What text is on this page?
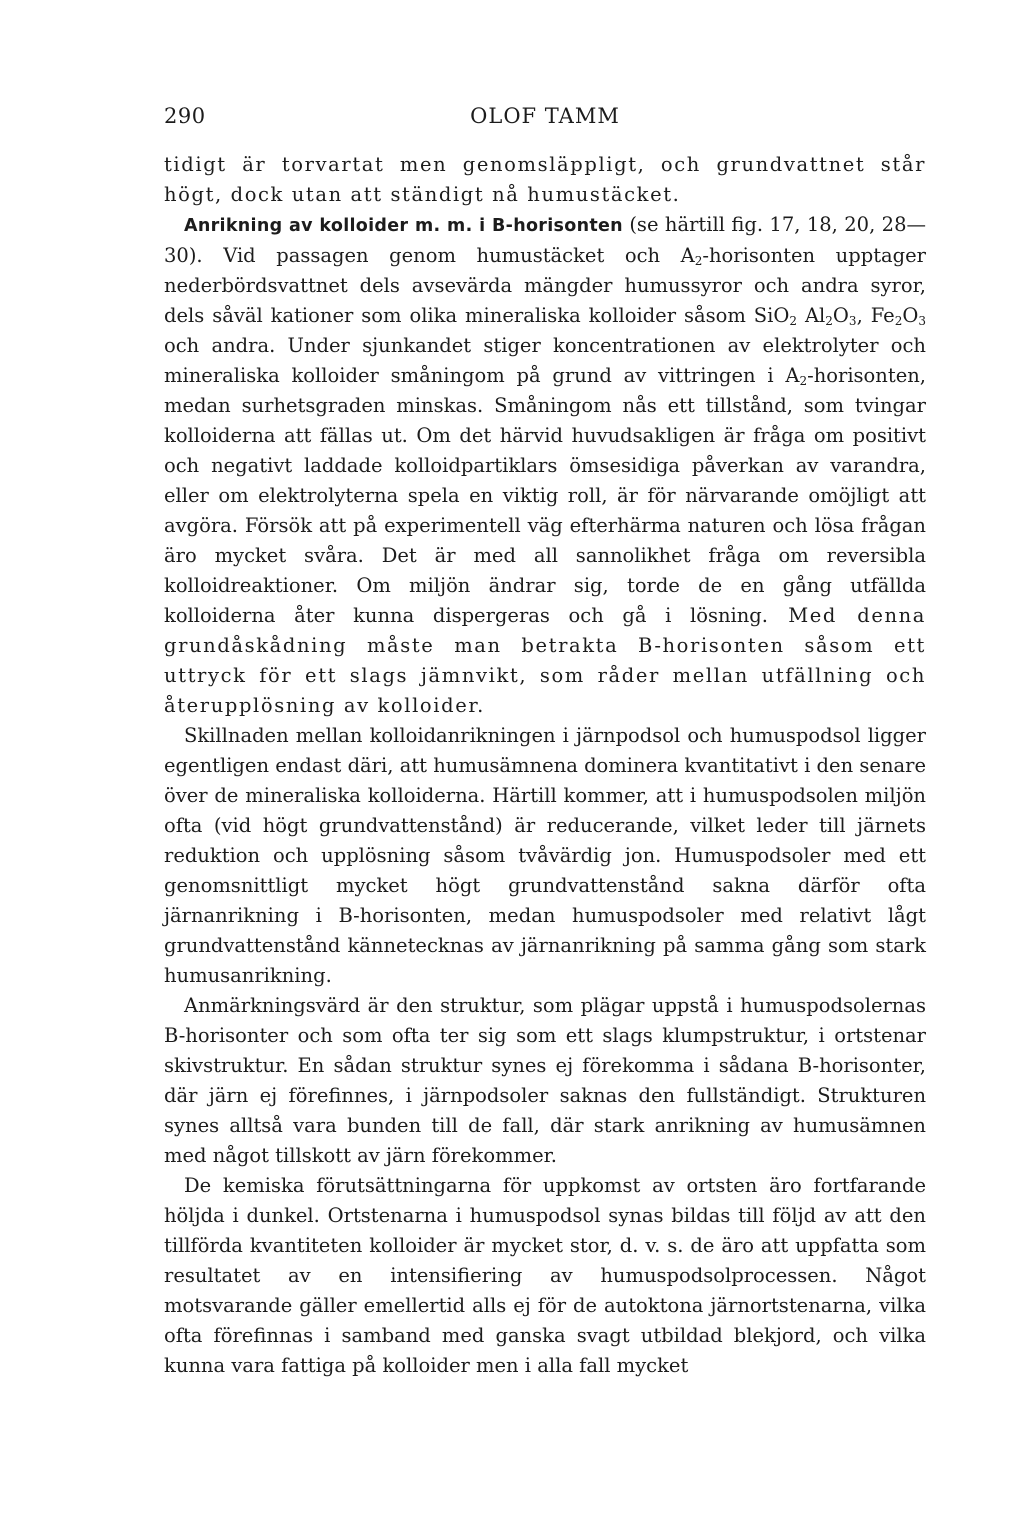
290	OLOF TAMM

tidigt är torvartat men genomsläppligt, och grundvattnet står högt, dock utan att ständigt nå humustäcket.

Anrikning av kolloider m. m. i B-horisonten (se härtill fig. 17, 18, 20, 28—30). Vid passagen genom humustäcket och $A_2$-horisonten upptager nederbördsvattnet dels avsevärda mängder humussyror och andra syror, dels såväl kationer som olika mineraliska kolloider såsom SiO$_2$ $Al_2O_3$, $Fe_2O_3$ och andra. Under sjunkandet stiger koncentrationen av elektrolyter och mineraliska kolloider småningom på grund av vittringen i $A_2$-horisonten, medan surhetsgraden minskas. Småningom nås ett tillstånd, som tvingar kolloiderna att fällas ut. Om det härvid huvudsakligen är fråga om positivt och negativt laddade kolloidpartiklars ömsesidiga påverkan av varandra, eller om elektrolyterna spela en viktig roll, är för närvarande omöjligt att avgöra. Försök att på experimentell väg efterhärma naturen och lösa frågan äro mycket svåra. Det är med all sannolikhet fråga om reversibla kolloidreaktioner. Om miljön ändrar sig, torde de en gång utfällda kolloiderna åter kunna dispergeras och gå i lösning. Med denna grundåskådning måste man betrakta B-horisonten såsom ett uttryck för ett slags jämnvikt, som råder mellan utfällning och återupplösning av kolloider.

Skillnaden mellan kolloidanrikningen i järnpodsol och humuspodsol ligger egentligen endast däri, att humusämnena dominera kvantitativt i den senare över de mineraliska kolloiderna. Härtill kommer, att i humuspodsolen miljön ofta (vid högt grundvattenstånd) är reducerande, vilket leder till järnets reduktion och upplösning såsom tvåvärdig jon. Humuspodsoler med ett genomsnittligt mycket högt grundvattenstånd sakna därför ofta järnanrikning i B-horisonten, medan humuspodsoler med relativt lågt grundvattenstånd kännetecknas av järnanrikning på samma gång som stark humusanrikning.

Anmärkningsvärd är den struktur, som plägar uppstå i humuspodsolernas B-horisonter och som ofta ter sig som ett slags klumpstruktur, i ortstenar skivstruktur. En sådan struktur synes ej förekomma i sådana B-horisonter, där järn ej förefinnes, i järnpodsoler saknas den fullständigt. Strukturen synes alltså vara bunden till de fall, där stark anrikning av humusämnen med något tillskott av järn förekommer.

De kemiska förutsättningarna för uppkomst av ortsten äro fortfarande höljda i dunkel. Ortstenarna i humuspodsol synas bildas till följd av att den tillförda kvantiteten kolloider är mycket stor, d. v. s. de äro att uppfatta som resultatet av en intensifiering av humuspodsolprocessen. Något motsvarande gäller emellertid alls ej för de autoktona järnortstenarna, vilka ofta förefinnas i samband med ganska svagt utbildad blekjord, och vilka kunna vara fattiga på kolloider men i alla fall mycket
